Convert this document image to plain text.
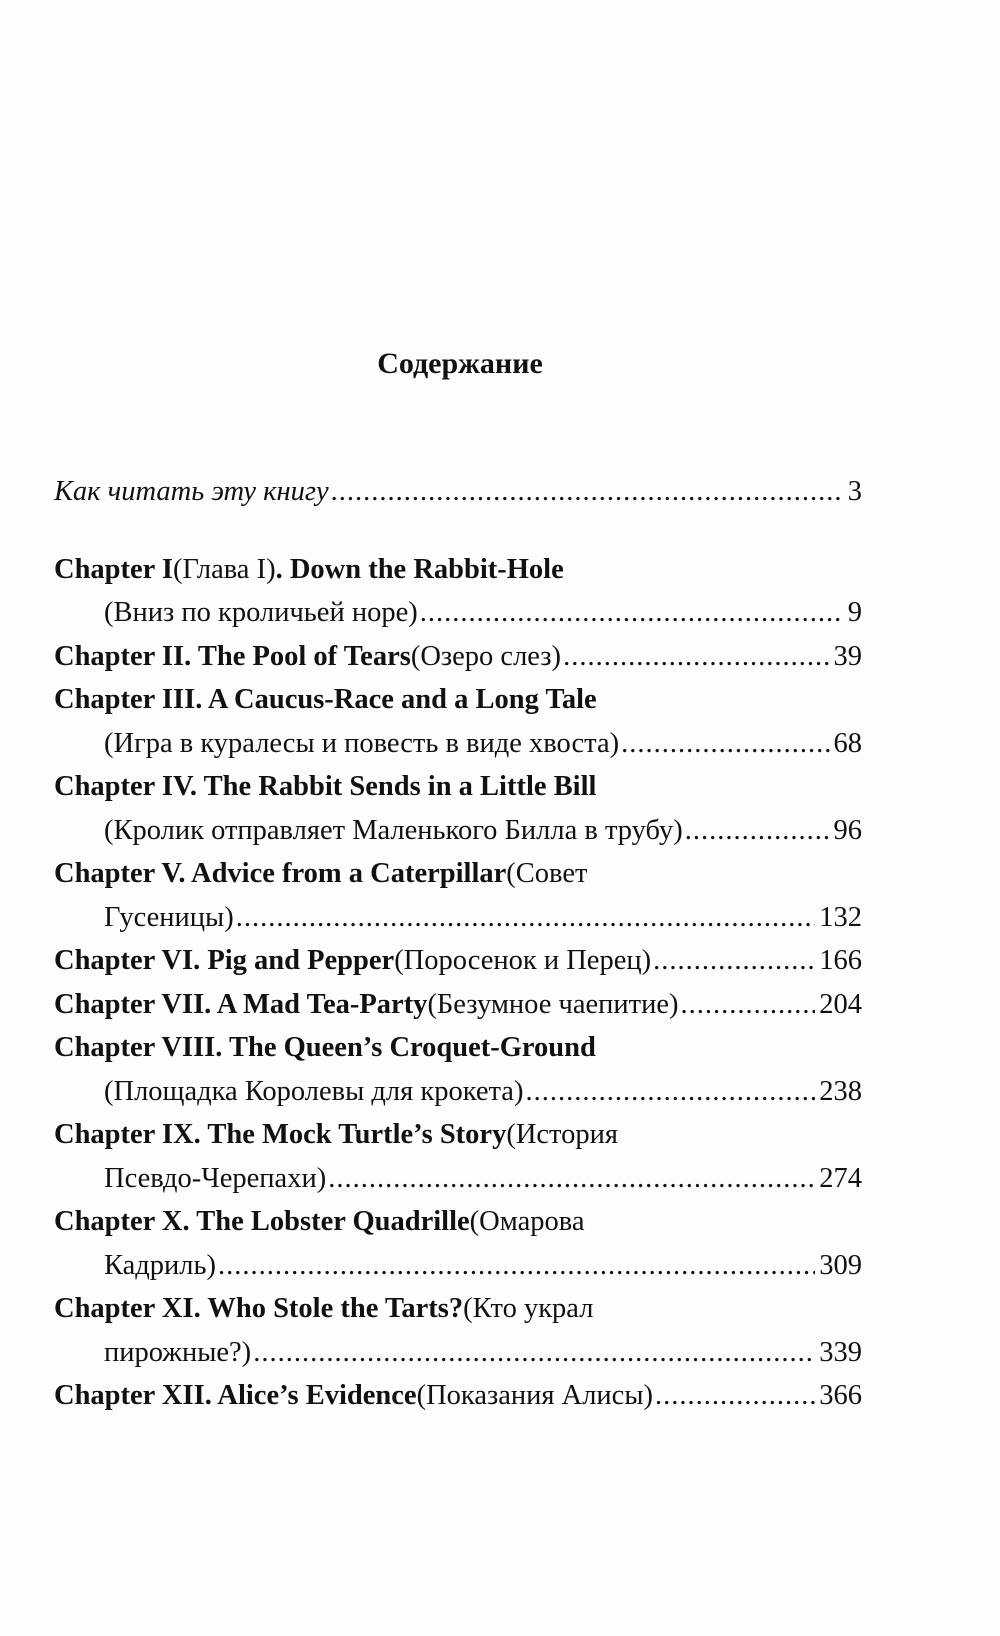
Содержание
Как читать эту книгу .....	3
Chapter I (Глава I) . Down the Rabbit-Hole
(Вниз по кроличьей норе) .....	9
Chapter II. The Pool of Tears (Озеро слез) .....	39
Chapter III. A Caucus-Race and a Long Tale
(Игра в куралесы и повесть в виде хвоста) .....	68
Chapter IV. The Rabbit Sends in a Little Bill
(Кролик отправляет Маленького Билла в трубу) .....	96
Chapter V. Advice from a Caterpillar (Совет
Гусеницы) .....	132
Chapter VI. Pig and Pepper (Поросенок и Перец) .....	166
Chapter VII. A Mad Tea-Party (Безумное чаепитие) .....	204
Chapter VIII. The Queen’s Croquet-Ground
(Площадка Королевы для крокета) .....	238
Chapter IX. The Mock Turtle’s Story (История
Псевдо-Черепахи) .....	274
Chapter X. The Lobster Quadrille (Омарова
Кадриль) .....	309
Chapter XI. Who Stole the Tarts? (Кто украл
пирожные?) .....	339
Chapter XII. Alice’s Evidence (Показания Алисы) .....	366
